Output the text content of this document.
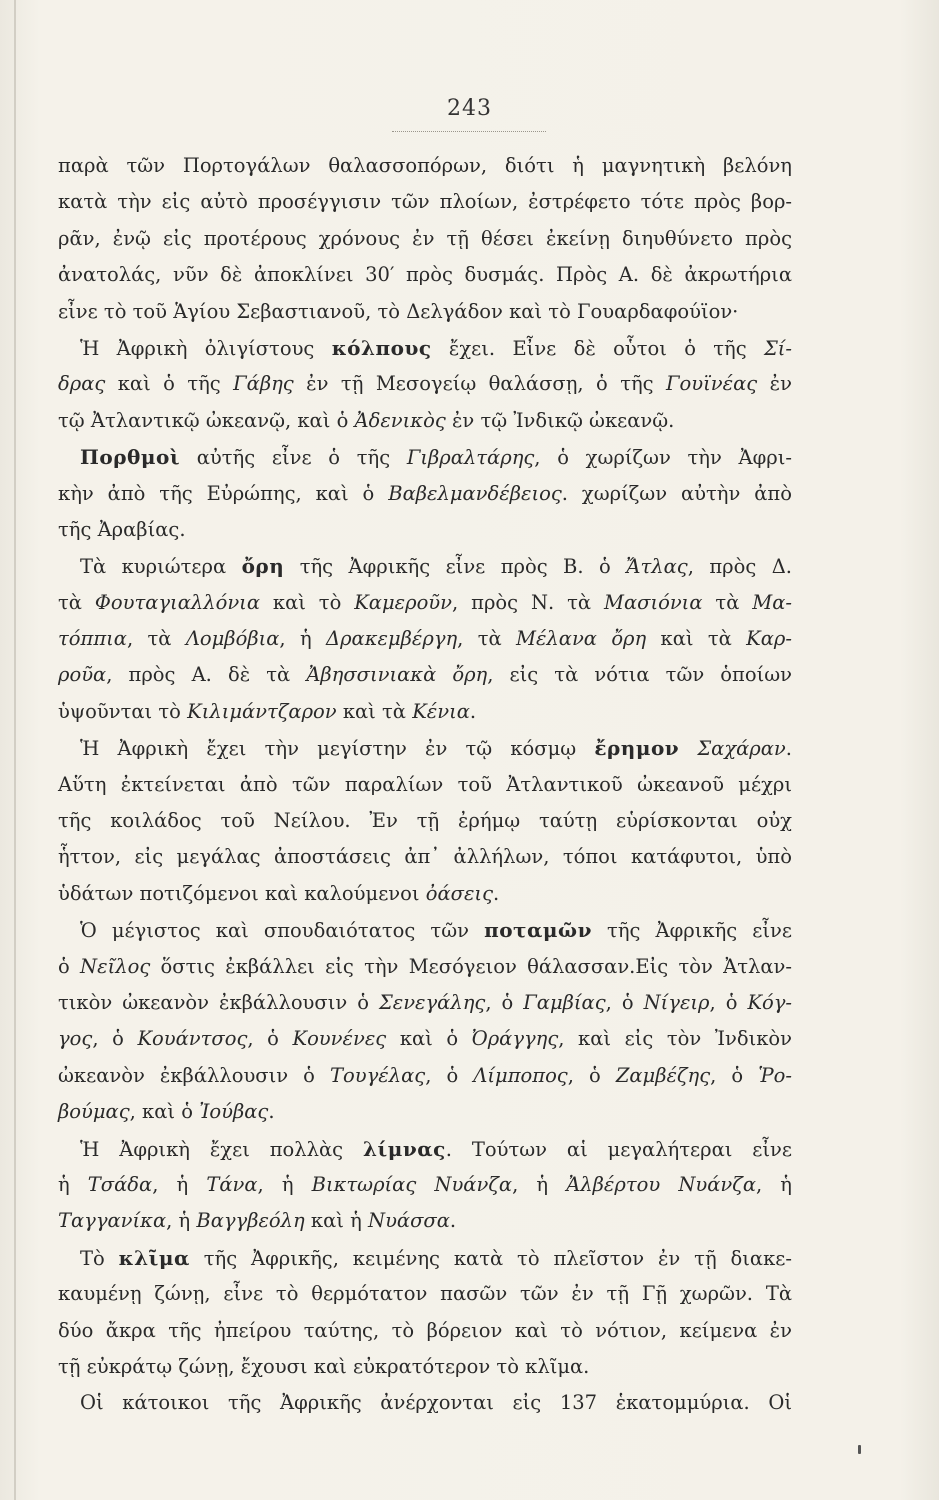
243
παρὰ τῶν Πορτογάλων θαλασσοπόρων, διότι ἡ μαγνητικὴ βελόνη
κατὰ τὴν εἰς αὐτὸ προσέγγισιν τῶν πλοίων, ἐστρέφετο τότε πρὸς βορ-
ρᾶν, ἐνῷ εἰς προτέρους χρόνους ἐν τῇ θέσει ἐκείνῃ διηυθύνετο πρὸς
ἀνατολάς, νῦν δὲ ἀποκλίνει 30′ πρὸς δυσμάς. Πρὸς Α. δὲ ἀκρωτήρια
εἶνε τὸ τοῦ Ἁγίου Σεβαστιανοῦ, τὸ Δελγάδον καὶ τὸ Γουαρδαφούϊον·
Ἡ Ἀφρικὴ ὀλιγίστους κόλπους ἔχει. Εἶνε δὲ οὗτοι ὁ τῆς Σί-
δρας καὶ ὁ τῆς Γάβης ἐν τῇ Μεσογείῳ θαλάσσῃ, ὁ τῆς Γουϊνέας ἐν
τῷ Ἀτλαντικῷ ὠκεανῷ, καὶ ὁ Ἀδενικὸς ἐν τῷ Ἰνδικῷ ὠκεανῷ.
Πορθμοὶ αὐτῆς εἶνε ὁ τῆς Γιβραλτάρης, ὁ χωρίζων τὴν Ἀφρι-
κὴν ἀπὸ τῆς Εὐρώπης, καὶ ὁ Βαβελμανδέβειος. χωρίζων αὐτὴν ἀπὸ
τῆς Ἀραβίας.
Τὰ κυριώτερα ὄρη τῆς Ἀφρικῆς εἶνε πρὸς Β. ὁ Ἄτλας, πρὸς Δ.
τὰ Φουταγιαλλόνια καὶ τὸ Καμεροῦν, πρὸς Ν. τὰ Μασιόνια τὰ Μα-
τόππια, τὰ Λομβόβια, ἡ Δρακεμβέργη, τὰ Μέλανα ὄρη καὶ τὰ Καρ-
ροῦα, πρὸς Α. δὲ τὰ Ἀβησσινιακὰ ὄρη, εἰς τὰ νότια τῶν ὁποίων
ὑψοῦνται τὸ Κιλιμάντζαρον καὶ τὰ Κένια.
Ἡ Ἀφρικὴ ἔχει τὴν μεγίστην ἐν τῷ κόσμῳ ἔρημον Σαχάραν.
Αὕτη ἐκτείνεται ἀπὸ τῶν παραλίων τοῦ Ἀτλαντικοῦ ὠκεανοῦ μέχρι
τῆς κοιλάδος τοῦ Νείλου. Ἐν τῇ ἐρήμῳ ταύτῃ εὑρίσκονται οὐχ
ἧττον, εἰς μεγάλας ἀποστάσεις ἀπ᾽ ἀλλήλων, τόποι κατάφυτοι, ὑπὸ
ὑδάτων ποτιζόμενοι καὶ καλούμενοι ὀάσεις.
Ὁ μέγιστος καὶ σπουδαιότατος τῶν ποταμῶν τῆς Ἀφρικῆς εἶνε
ὁ Νεῖλος ὅστις ἐκβάλλει εἰς τὴν Μεσόγειον θάλασσαν.Εἰς τὸν Ἀτλαν-
τικὸν ὠκεανὸν ἐκβάλλουσιν ὁ Σενεγάλης, ὁ Γαμβίας, ὁ Νίγειρ, ὁ Κόγ-
γος, ὁ Κουάντσος, ὁ Κουνένες καὶ ὁ Ὀράγγης, καὶ εἰς τὸν Ἰνδικὸν
ὠκεανὸν ἐκβάλλουσιν ὁ Τουγέλας, ὁ Λίμποπος, ὁ Ζαμβέζης, ὁ Ῥο-
βούμας, καὶ ὁ Ἰούβας.
Ἡ Ἀφρικὴ ἔχει πολλὰς λίμνας. Τούτων αἱ μεγαλήτεραι εἶνε
ἡ Τσάδα, ἡ Τάνα, ἡ Βικτωρίας Νυάνζα, ἡ Ἀλβέρτου Νυάνζα, ἡ
Ταγγανίκα, ἡ Βαγγβεόλη καὶ ἡ Νυάσσα.
Τὸ κλῖμα τῆς Ἀφρικῆς, κειμένης κατὰ τὸ πλεῖστον ἐν τῇ διακε-
καυμένῃ ζώνῃ, εἶνε τὸ θερμότατον πασῶν τῶν ἐν τῇ Γῇ χωρῶν. Τὰ
δύο ἄκρα τῆς ἠπείρου ταύτης, τὸ βόρειον καὶ τὸ νότιον, κείμενα ἐν
τῇ εὐκράτῳ ζώνῃ, ἔχουσι καὶ εὐκρατότερον τὸ κλῖμα.
Οἱ κάτοικοι τῆς Ἀφρικῆς ἀνέρχονται εἰς 137 ἑκατομμύρια. Οἱ
